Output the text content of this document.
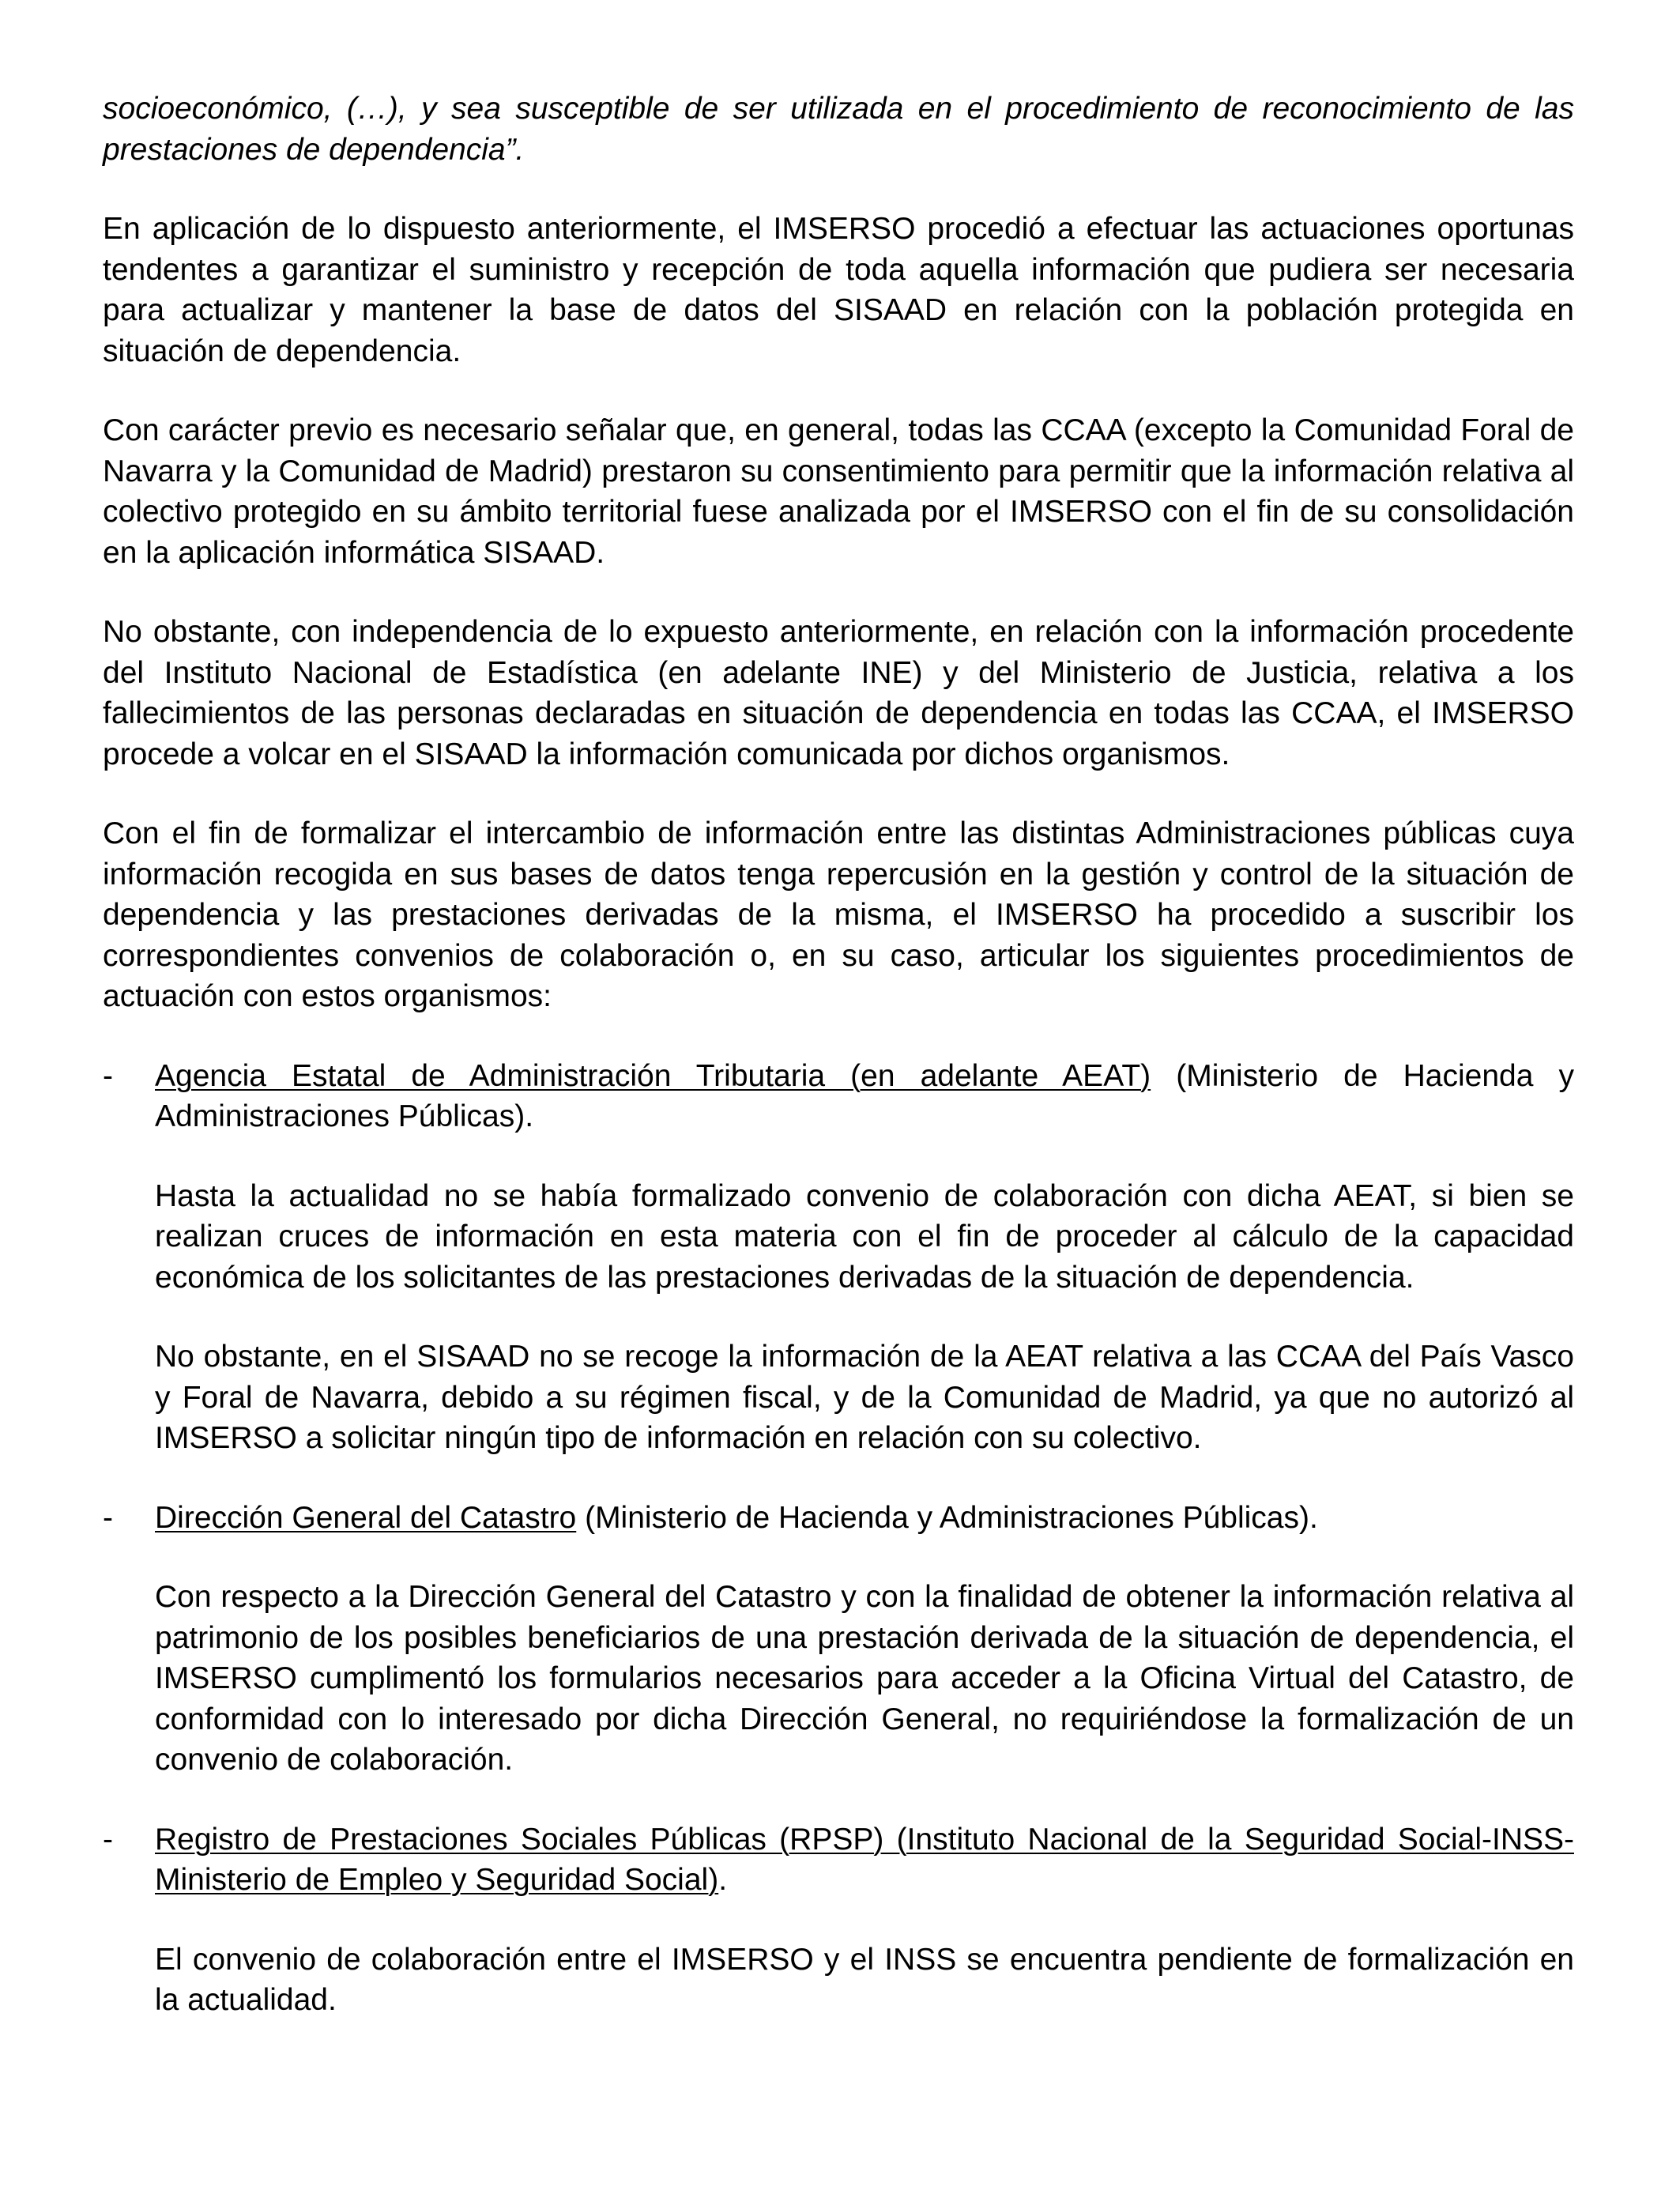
socioeconómico, (…), y sea susceptible de ser utilizada en el procedimiento de reconocimiento de las prestaciones de dependencia”.

En aplicación de lo dispuesto anteriormente, el IMSERSO procedió a efectuar las actuaciones oportunas tendentes a garantizar el suministro y recepción de toda aquella información que pudiera ser necesaria para actualizar y mantener la base de datos del SISAAD en relación con la población protegida en situación de dependencia.

Con carácter previo es necesario señalar que, en general, todas las CCAA (excepto la Comunidad Foral de Navarra y la Comunidad de Madrid) prestaron su consentimiento para permitir que la información relativa al colectivo protegido en su ámbito territorial fuese analizada por el IMSERSO con el fin de su consolidación en la aplicación informática SISAAD.

No obstante, con independencia de lo expuesto anteriormente, en relación con la información procedente del Instituto Nacional de Estadística (en adelante INE) y del Ministerio de Justicia, relativa a los fallecimientos de las personas declaradas en situación de dependencia en todas las CCAA, el IMSERSO procede a volcar en el SISAAD la información comunicada por dichos organismos.

Con el fin de formalizar el intercambio de información entre las distintas Administraciones públicas cuya información recogida en sus bases de datos tenga repercusión en la gestión y control de la situación de dependencia y las prestaciones derivadas de la misma, el IMSERSO ha procedido a suscribir los correspondientes convenios de colaboración o, en su caso, articular los siguientes procedimientos de actuación con estos organismos:

- Agencia Estatal de Administración Tributaria (en adelante AEAT) (Ministerio de Hacienda y Administraciones Públicas).

Hasta la actualidad no se había formalizado convenio de colaboración con dicha AEAT, si bien se realizan cruces de información en esta materia con el fin de proceder al cálculo de la capacidad económica de los solicitantes de las prestaciones derivadas de la situación de dependencia.

No obstante, en el SISAAD no se recoge la información de la AEAT relativa a las CCAA del País Vasco y Foral de Navarra, debido a su régimen fiscal, y de la Comunidad de Madrid, ya que no autorizó al IMSERSO a solicitar ningún tipo de información en relación con su colectivo.

- Dirección General del Catastro (Ministerio de Hacienda y Administraciones Públicas).

Con respecto a la Dirección General del Catastro y con la finalidad de obtener la información relativa al patrimonio de los posibles beneficiarios de una prestación derivada de la situación de dependencia, el IMSERSO cumplimentó los formularios necesarios para acceder a la Oficina Virtual del Catastro, de conformidad con lo interesado por dicha Dirección General, no requiriéndose la formalización de un convenio de colaboración.

- Registro de Prestaciones Sociales Públicas (RPSP) (Instituto Nacional de la Seguridad Social-INSS-Ministerio de Empleo y Seguridad Social).

El convenio de colaboración entre el IMSERSO y el INSS se encuentra pendiente de formalización en la actualidad.
